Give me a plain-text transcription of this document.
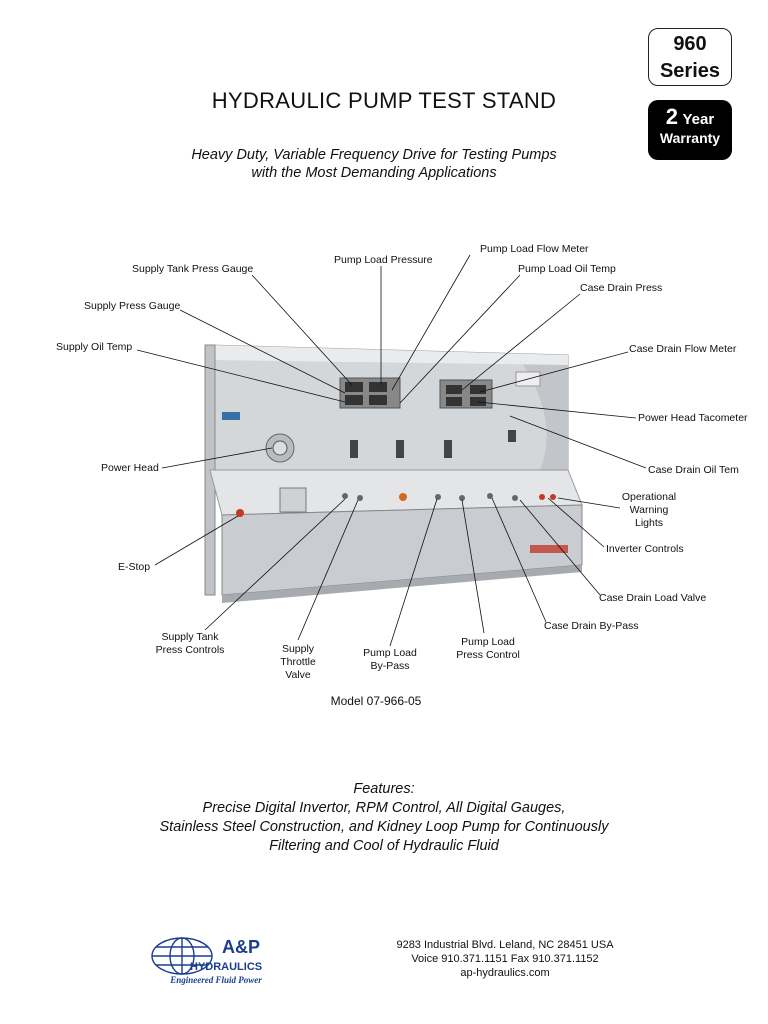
HYDRAULIC PUMP TEST STAND
Heavy Duty, Variable Frequency Drive for Testing Pumps
with the Most Demanding Applications
960
Series
2 Year
Warranty
Supply Tank Press Gauge
Pump Load Pressure
Pump Load Flow Meter
Pump Load Oil Temp
Case Drain Press
Supply Press Gauge
Supply Oil Temp	Case Drain Flow Meter
Power Head Tacometer
Power Head	Case Drain Oil Tem
Operational
Warning
Lights
Inverter Controls
E-Stop
Case Drain Load Valve
Case Drain By-Pass
Supply Tank
Press Controls	Supply
Throttle
Valve
Pump Load
By-Pass
Pump Load
Press Control
Model 07-966-05
Features:
Precise Digital Invertor, RPM Control, All Digital Gauges,
Stainless Steel Construction, and Kidney Loop Pump for Continuously
Filtering and Cool of Hydraulic Fluid
A&P
HYDRAULICS
Engineered Fluid Power
9283 Industrial Blvd. Leland, NC 28451 USA
Voice 910.371.1151 Fax 910.371.1152
ap-hydraulics.com
